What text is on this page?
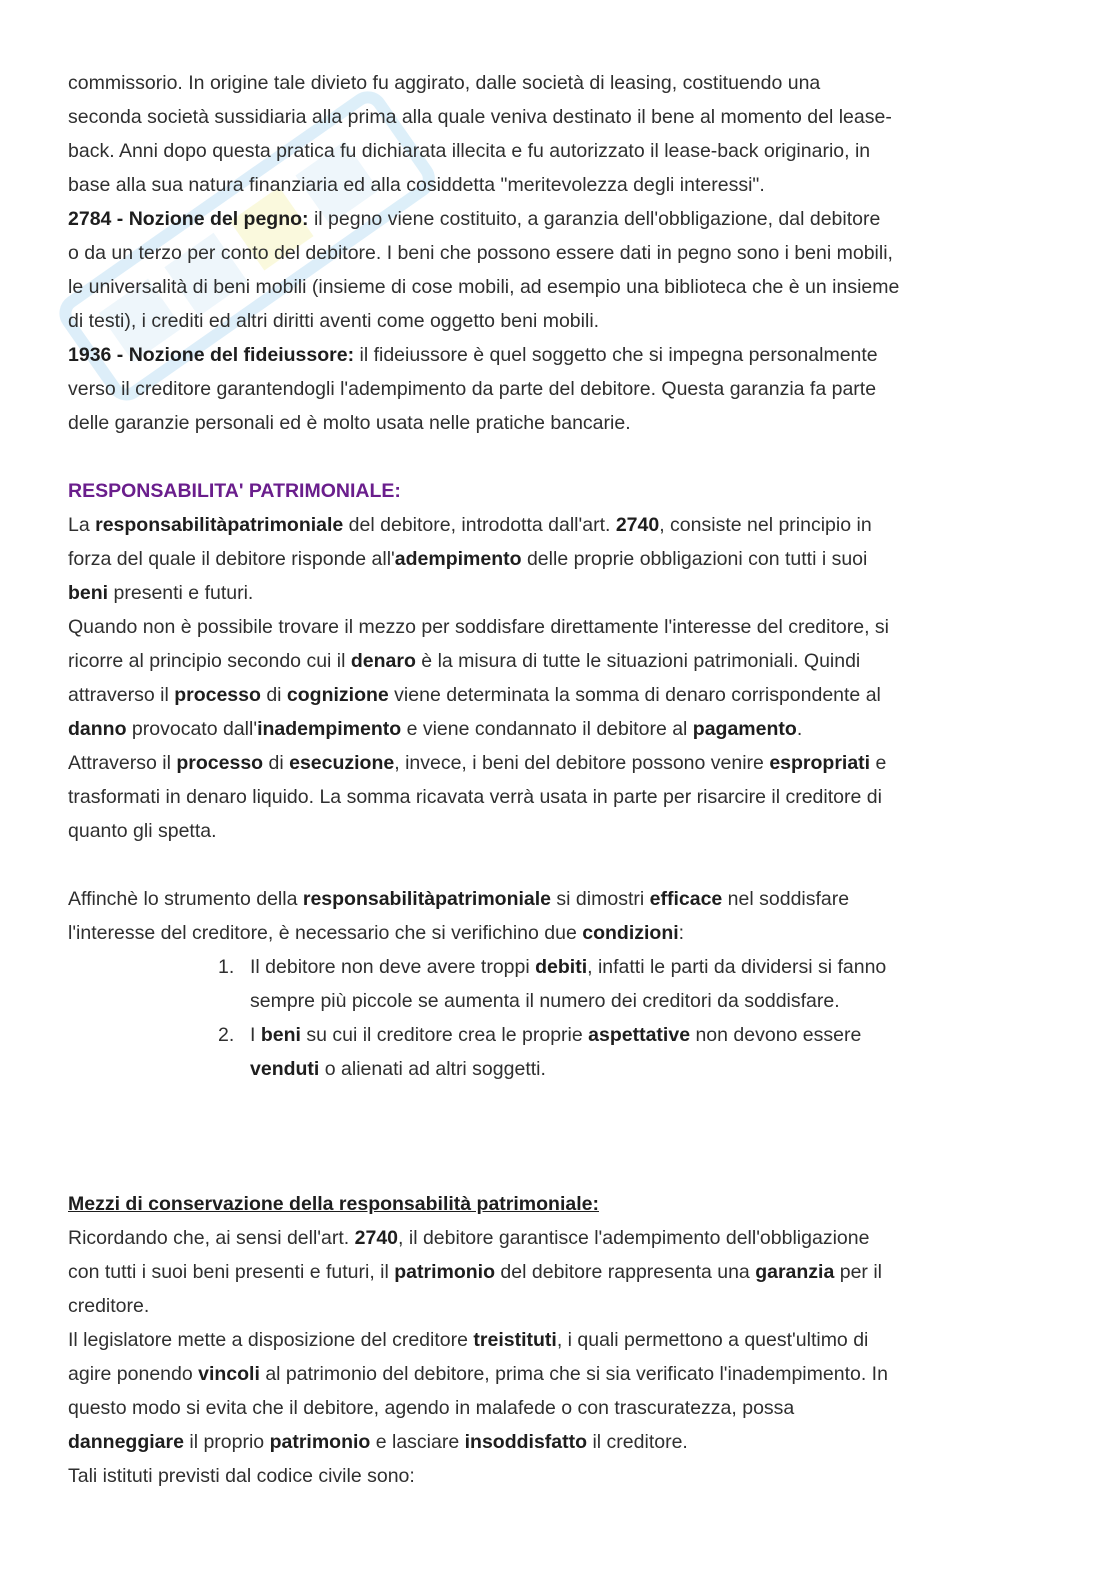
commissorio. In origine tale divieto fu aggirato, dalle società di leasing, costituendo una
seconda società sussidiaria alla prima alla quale veniva destinato il bene al momento del lease-
back. Anni dopo questa pratica fu dichiarata illecita e fu autorizzato il lease-back originario, in
base alla sua natura finanziaria ed alla cosiddetta "meritevolezza degli interessi".

2784 - Nozione del pegno: il pegno viene costituito, a garanzia dell'obbligazione, dal debitore
o da un terzo per conto del debitore. I beni che possono essere dati in pegno sono i beni mobili,
le universalità di beni mobili (insieme di cose mobili, ad esempio una biblioteca che è un insieme
di testi), i crediti ed altri diritti aventi come oggetto beni mobili.

1936 - Nozione del fideiussore: il fideiussore è quel soggetto che si impegna personalmente
verso il creditore garantendogli l'adempimento da parte del debitore. Questa garanzia fa parte
delle garanzie personali ed è molto usata nelle pratiche bancarie.

RESPONSABILITA' PATRIMONIALE:

La responsabilitàpatrimoniale del debitore, introdotta dall'art. 2740, consiste nel principio in
forza del quale il debitore risponde all'adempimento delle proprie obbligazioni con tutti i suoi
beni presenti e futuri.

Quando non è possibile trovare il mezzo per soddisfare direttamente l'interesse del creditore, si
ricorre al principio secondo cui il denaro è la misura di tutte le situazioni patrimoniali. Quindi
attraverso il processo di cognizione viene determinata la somma di denaro corrispondente al
danno provocato dall'inadempimento e viene condannato il debitore al pagamento.
Attraverso il processo di esecuzione, invece, i beni del debitore possono venire espropriati e
trasformati in denaro liquido. La somma ricavata verrà usata in parte per risarcire il creditore di
quanto gli spetta.

Affinchè lo strumento della responsabilitàpatrimoniale si dimostri efficace nel soddisfare
l'interesse del creditore, è necessario che si verifichino due condizioni:

1. Il debitore non deve avere troppi debiti, infatti le parti da dividersi si fanno
sempre più piccole se aumenta il numero dei creditori da soddisfare.
2. I beni su cui il creditore crea le proprie aspettative non devono essere
venduti o alienati ad altri soggetti.

Mezzi di conservazione della responsabilità patrimoniale:

Ricordando che, ai sensi dell'art. 2740, il debitore garantisce l'adempimento dell'obbligazione
con tutti i suoi beni presenti e futuri, il patrimonio del debitore rappresenta una garanzia per il
creditore.

Il legislatore mette a disposizione del creditore treistituti, i quali permettono a quest'ultimo di
agire ponendo vincoli al patrimonio del debitore, prima che si sia verificato l'inadempimento. In
questo modo si evita che il debitore, agendo in malafede o con trascuratezza, possa
danneggiare il proprio patrimonio e lasciare insoddisfatto il creditore.
Tali istituti previsti dal codice civile sono:
